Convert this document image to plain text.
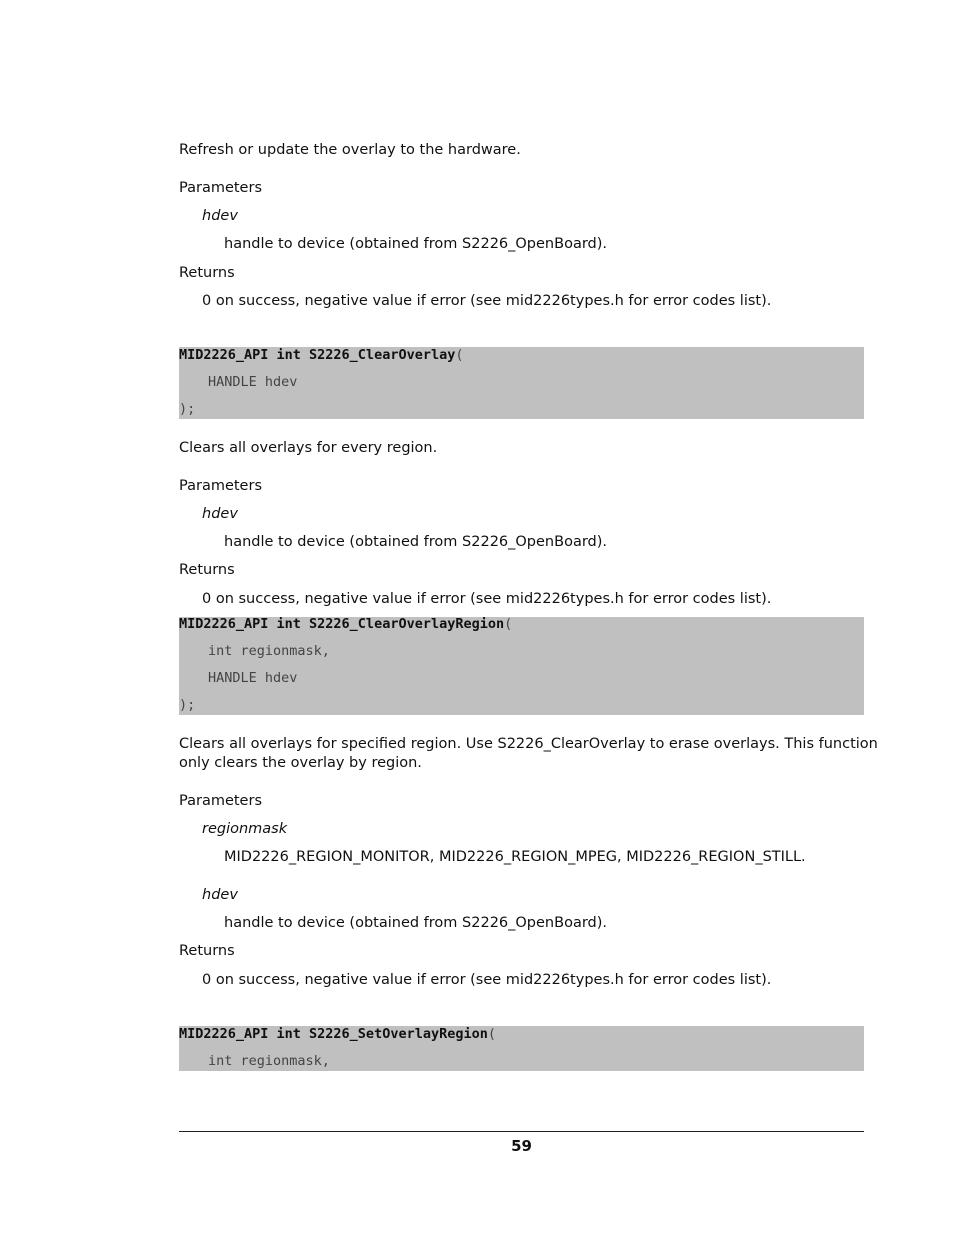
Refresh or update the overlay to the hardware.
Parameters
hdev
handle to device (obtained from S2226_OpenBoard).
Returns
0 on success, negative value if error (see mid2226types.h for error codes list).
MID2226_API int S2226_ClearOverlay(
HANDLE hdev
);
Clears all overlays for every region.
Parameters
hdev
handle to device (obtained from S2226_OpenBoard).
Returns
0 on success, negative value if error (see mid2226types.h for error codes list).
MID2226_API int S2226_ClearOverlayRegion(
int regionmask,
HANDLE hdev
);
Clears all overlays for specified region. Use S2226_ClearOverlay to erase overlays. This function
only clears the overlay by region.
Parameters
regionmask
MID2226_REGION_MONITOR, MID2226_REGION_MPEG, MID2226_REGION_STILL.
hdev
handle to device (obtained from S2226_OpenBoard).
Returns
0 on success, negative value if error (see mid2226types.h for error codes list).
MID2226_API int S2226_SetOverlayRegion(
int regionmask,
59
